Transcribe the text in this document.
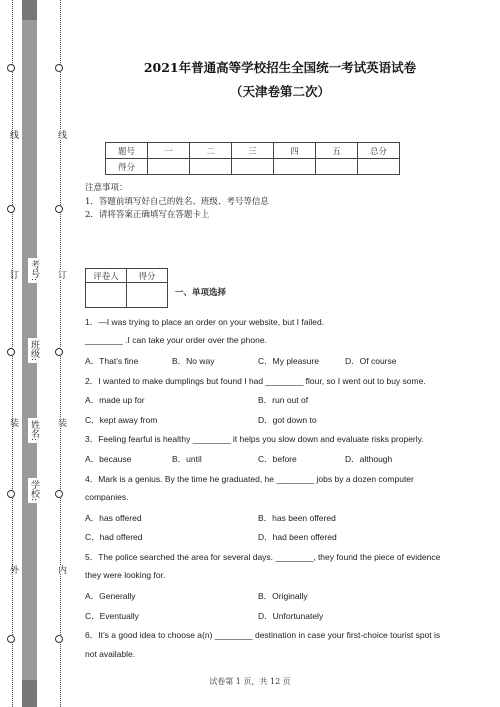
线
订
装
外
线
订
装
内
学校:
姓名:
班级:
考号:
2021年普通高等学校招生全国统一考试英语试卷
（天津卷第二次）
题号	一	二	三	四	五	总分
得分						
注意事项：
1．答题前填写好自己的姓名、班级、考号等信息
2．请将答案正确填写在答题卡上
评卷人	得分

一、单项选择
1．—I was trying to place an order on your website, but I failed.
________ .I can take your order over the phone.
A．That’s fine	B．No way	C．My pleasure	D．Of course
2．I wanted to make dumplings but found I had ________ flour, so I went out to buy some.
A．made up for	B．run out of
C．kept away from	D．got down to
3．Feeling fearful is healthy ________ it helps you slow down and evaluate risks properly.
A．because	B．until	C．before	D．although
4．Mark is a genius. By the time he graduated, he ________ jobs by a dozen computer
companies.
A．has offered	B．has been offered
C．had offered	D．had been offered
5．The police searched the area for several days. ________, they found the piece of evidence
they were looking for.
A．Generally	B．Originally
C．Eventually	D．Unfortunately
6．It’s a good idea to choose a(n) ________ destination in case your first-choice tourist spot is
not available.
试卷第 1 页，共 12 页
